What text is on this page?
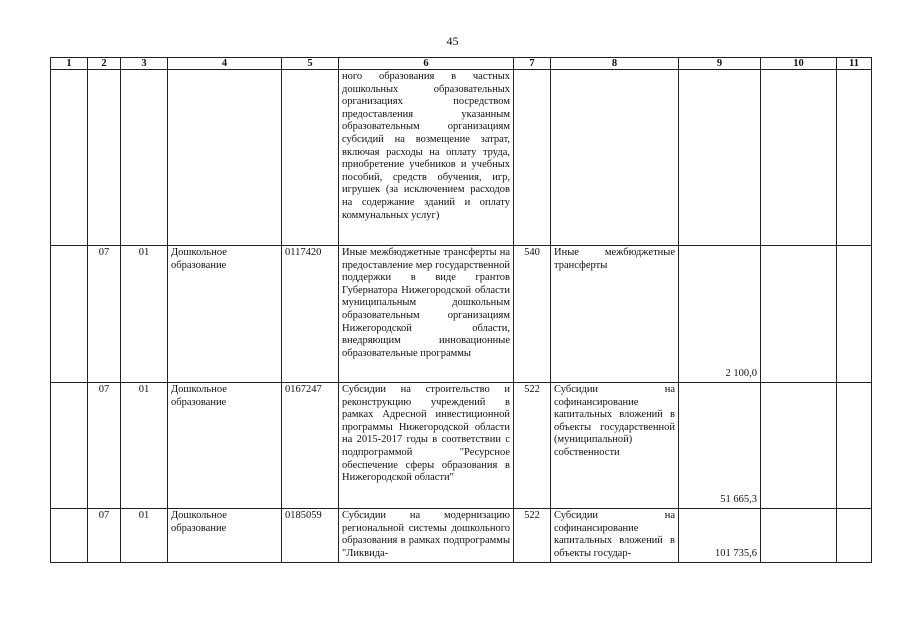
45
1	2	3	4	5	6	7	8	9	10	11
					ного образования в частных дошкольных образовательных организациях посредством предоставления указанным образовательным организациям субсидий на возмещение затрат, включая расходы на оплату труда, приобретение учебников и учебных пособий, средств обучения, игр, игрушек (за исключением расходов на содержание зданий и оплату коммунальных услуг)					
	07	01	Дошкольное образование	0117420	Иные межбюджетные трансферты на предоставление мер государственной поддержки в виде грантов Губернатора Нижегородской области муниципальным дошкольным образовательным организациям Нижегородской области, внедряющим инновационные образовательные программы	540	Иные межбюджетные трансферты	2 100,0		
	07	01	Дошкольное образование	0167247	Субсидии на строительство и реконструкцию учреждений в рамках Адресной инвестиционной программы Нижегородской области на 2015-2017 годы в соответствии с подпрограммой "Ресурсное обеспечение сферы образования в Нижегородской области"	522	Субсидии на софинансирование капитальных вложений в объекты государственной (муниципальной) собственности	51 665,3		
	07	01	Дошкольное образование	0185059	Субсидии на модернизацию региональной системы дошкольного образования в рамках подпрограммы "Ликвида-	522	Субсидии на софинансирование капитальных вложений в объекты государ-	101 735,6		
